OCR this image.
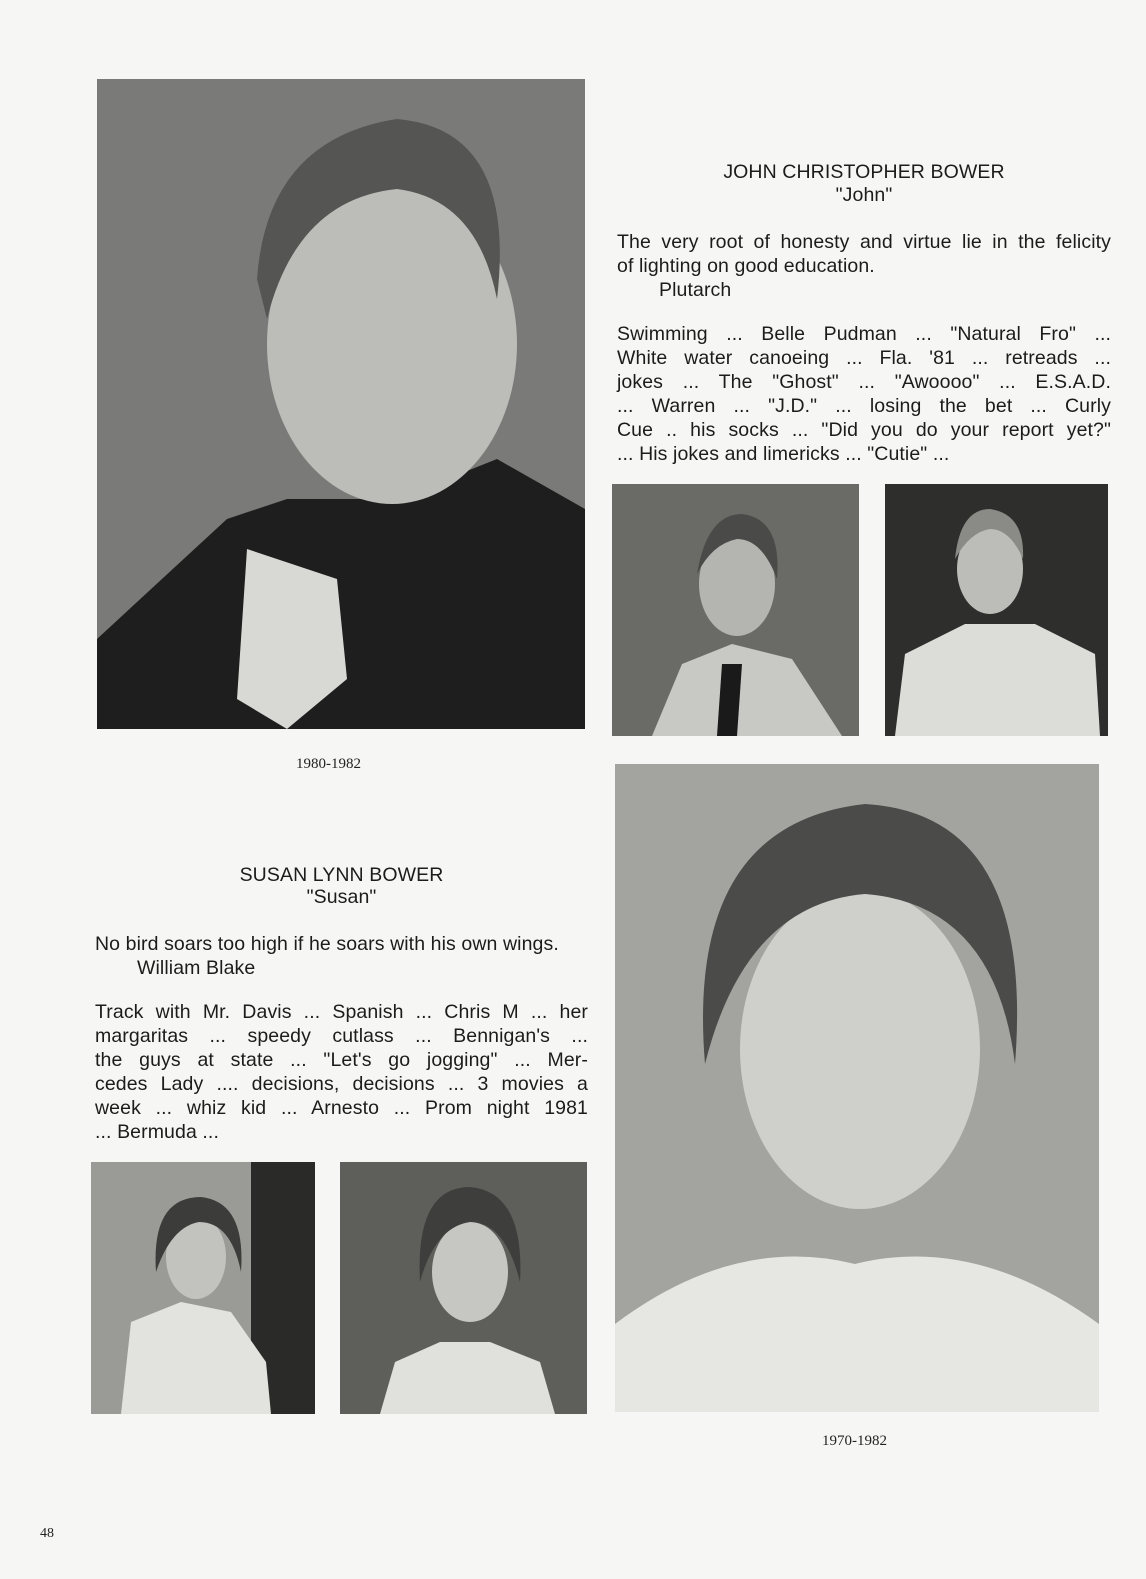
JOHN CHRISTOPHER BOWER
"John"
The very root of honesty and virtue lie in the felicity
of lighting on good education.
Plutarch
Swimming ... Belle Pudman ... "Natural Fro" ...
White water canoeing ... Fla. '81 ... retreads ...
jokes ... The "Ghost" ... "Awoooo" ... E.S.A.D.
... Warren ... "J.D." ... losing the bet ... Curly
Cue .. his socks ... "Did you do your report yet?"
... His jokes and limericks ... "Cutie" ...
1980-1982
SUSAN LYNN BOWER
"Susan"
No bird soars too high if he soars with his own wings.
William Blake
Track with Mr. Davis ... Spanish ... Chris M ... her
margaritas ... speedy cutlass ... Bennigan's ...
the guys at state ... "Let's go jogging" ... Mer-
cedes Lady .... decisions, decisions ... 3 movies a
week ... whiz kid ... Arnesto ... Prom night 1981
... Bermuda ...
1970-1982
48
